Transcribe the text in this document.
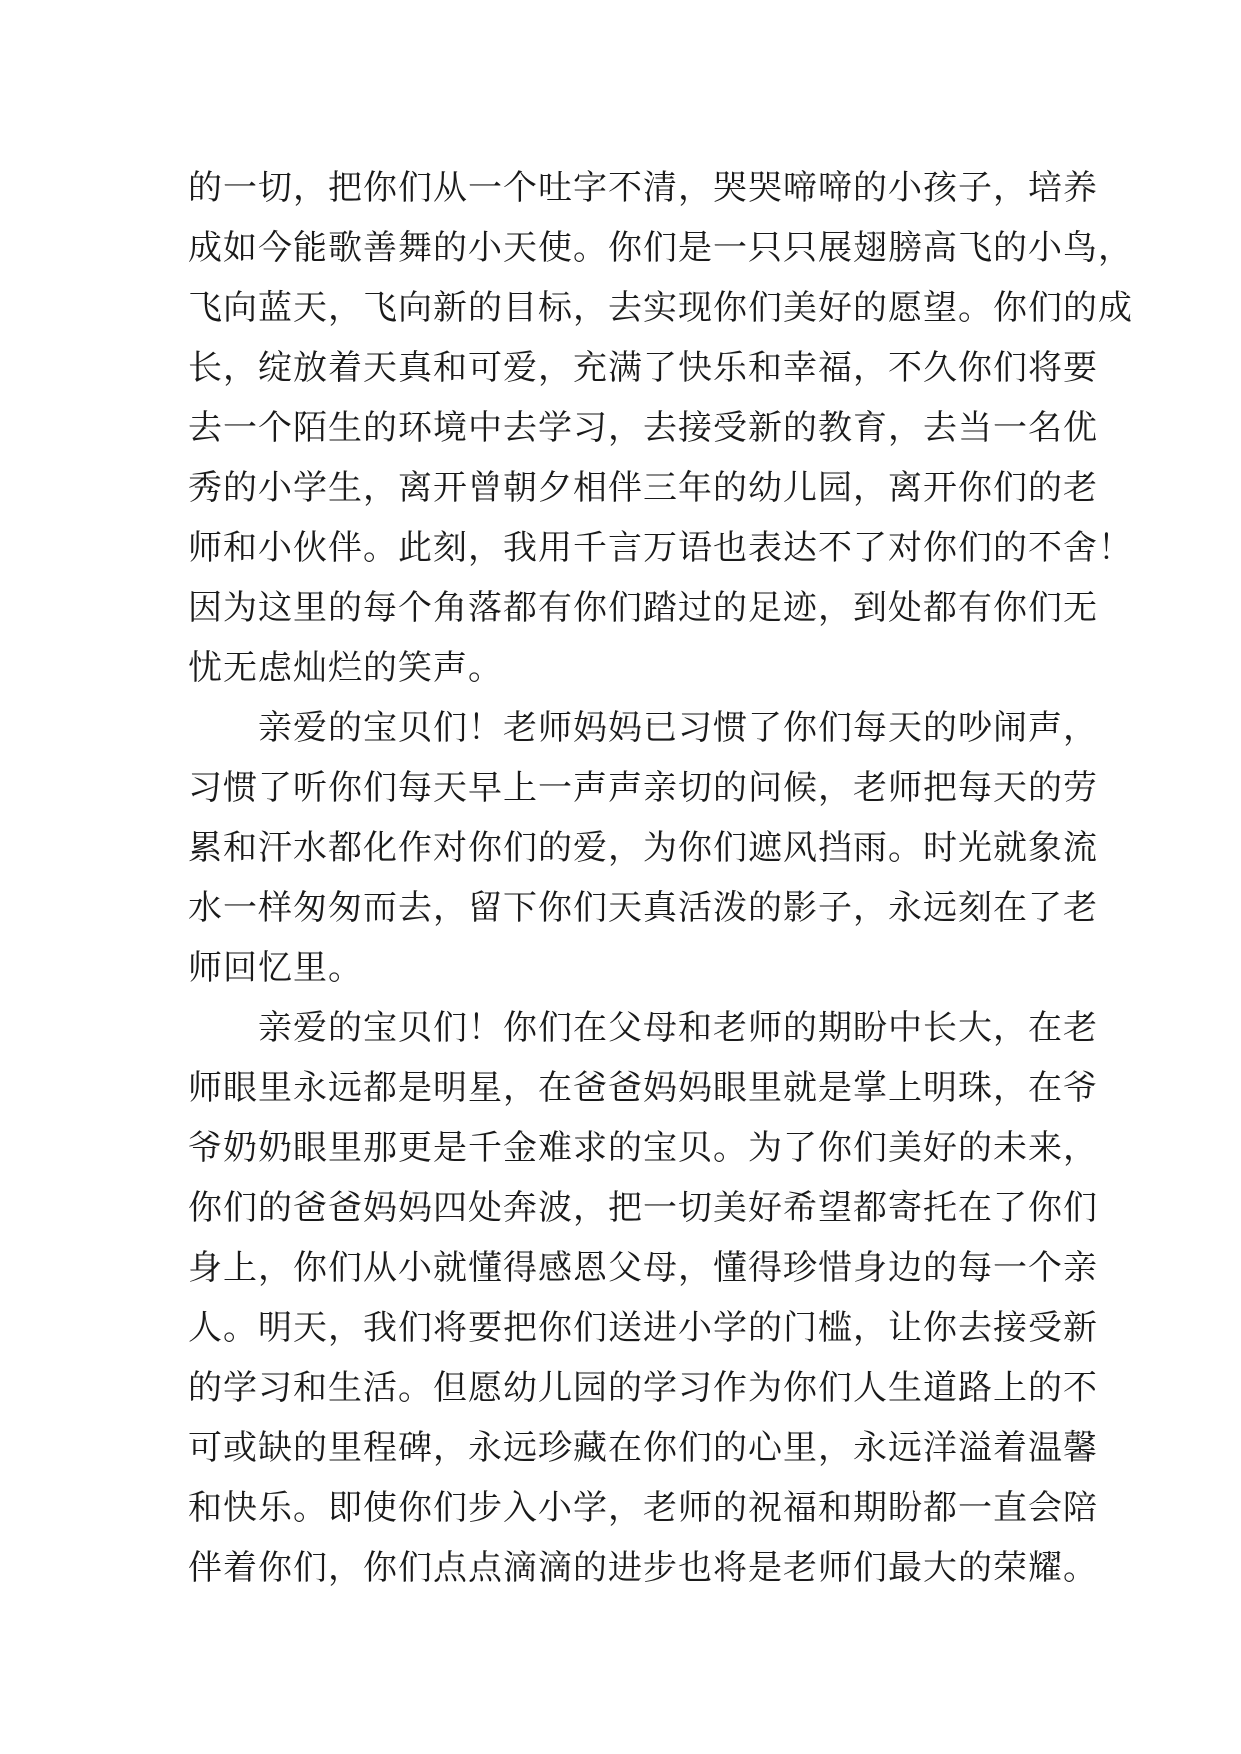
的一切，把你们从一个吐字不清，哭哭啼啼的小孩子，培养
成如今能歌善舞的小天使。你们是一只只展翅膀高飞的小鸟，
飞向蓝天，飞向新的目标，去实现你们美好的愿望。你们的成
长，绽放着天真和可爱，充满了快乐和幸福，不久你们将要
去一个陌生的环境中去学习，去接受新的教育，去当一名优
秀的小学生，离开曾朝夕相伴三年的幼儿园，离开你们的老
师和小伙伴。此刻，我用千言万语也表达不了对你们的不舍！
因为这里的每个角落都有你们踏过的足迹，到处都有你们无
忧无虑灿烂的笑声。
亲爱的宝贝们！老师妈妈已习惯了你们每天的吵闹声，
习惯了听你们每天早上一声声亲切的问候，老师把每天的劳
累和汗水都化作对你们的爱，为你们遮风挡雨。时光就象流
水一样匆匆而去，留下你们天真活泼的影子，永远刻在了老
师回忆里。
亲爱的宝贝们！你们在父母和老师的期盼中长大，在老
师眼里永远都是明星，在爸爸妈妈眼里就是掌上明珠，在爷
爷奶奶眼里那更是千金难求的宝贝。为了你们美好的未来，
你们的爸爸妈妈四处奔波，把一切美好希望都寄托在了你们
身上，你们从小就懂得感恩父母，懂得珍惜身边的每一个亲
人。明天，我们将要把你们送进小学的门槛，让你去接受新
的学习和生活。但愿幼儿园的学习作为你们人生道路上的不
可或缺的里程碑，永远珍藏在你们的心里，永远洋溢着温馨
和快乐。即使你们步入小学，老师的祝福和期盼都一直会陪
伴着你们，你们点点滴滴的进步也将是老师们最大的荣耀。
